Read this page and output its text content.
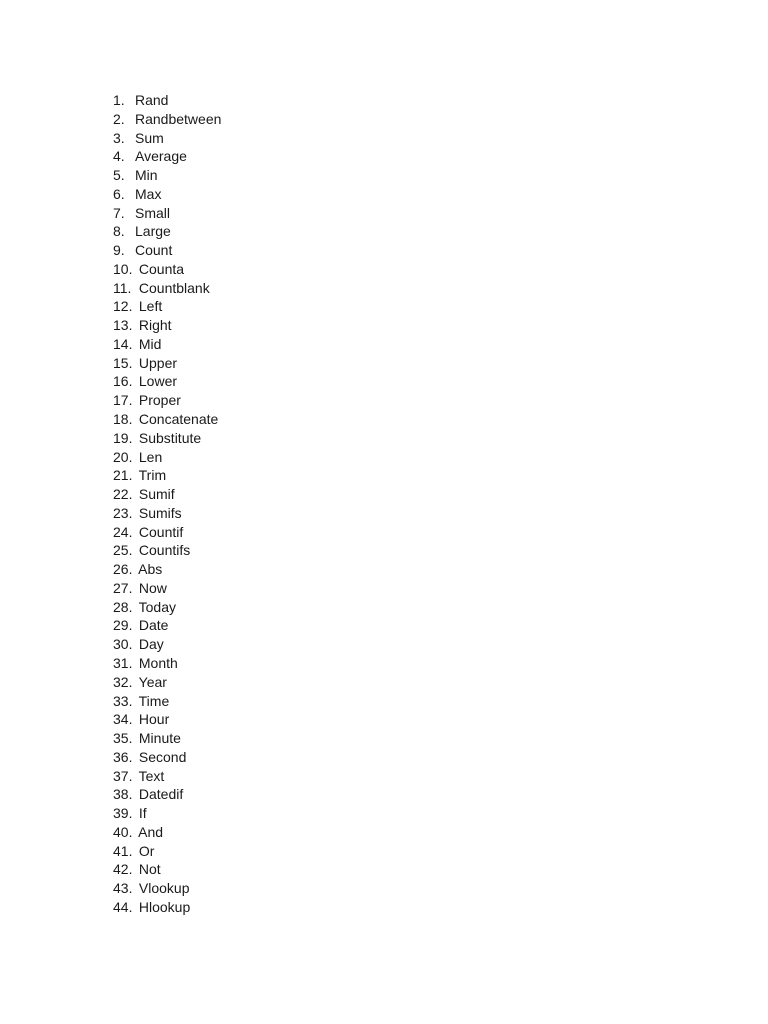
1. Rand
2. Randbetween
3. Sum
4. Average
5. Min
6. Max
7. Small
8. Large
9. Count
10. Counta
11. Countblank
12. Left
13. Right
14. Mid
15. Upper
16. Lower
17. Proper
18. Concatenate
19. Substitute
20. Len
21. Trim
22. Sumif
23. Sumifs
24. Countif
25. Countifs
26. Abs
27. Now
28. Today
29. Date
30. Day
31. Month
32. Year
33. Time
34. Hour
35. Minute
36. Second
37. Text
38. Datedif
39. If
40. And
41. Or
42. Not
43. Vlookup
44. Hlookup
